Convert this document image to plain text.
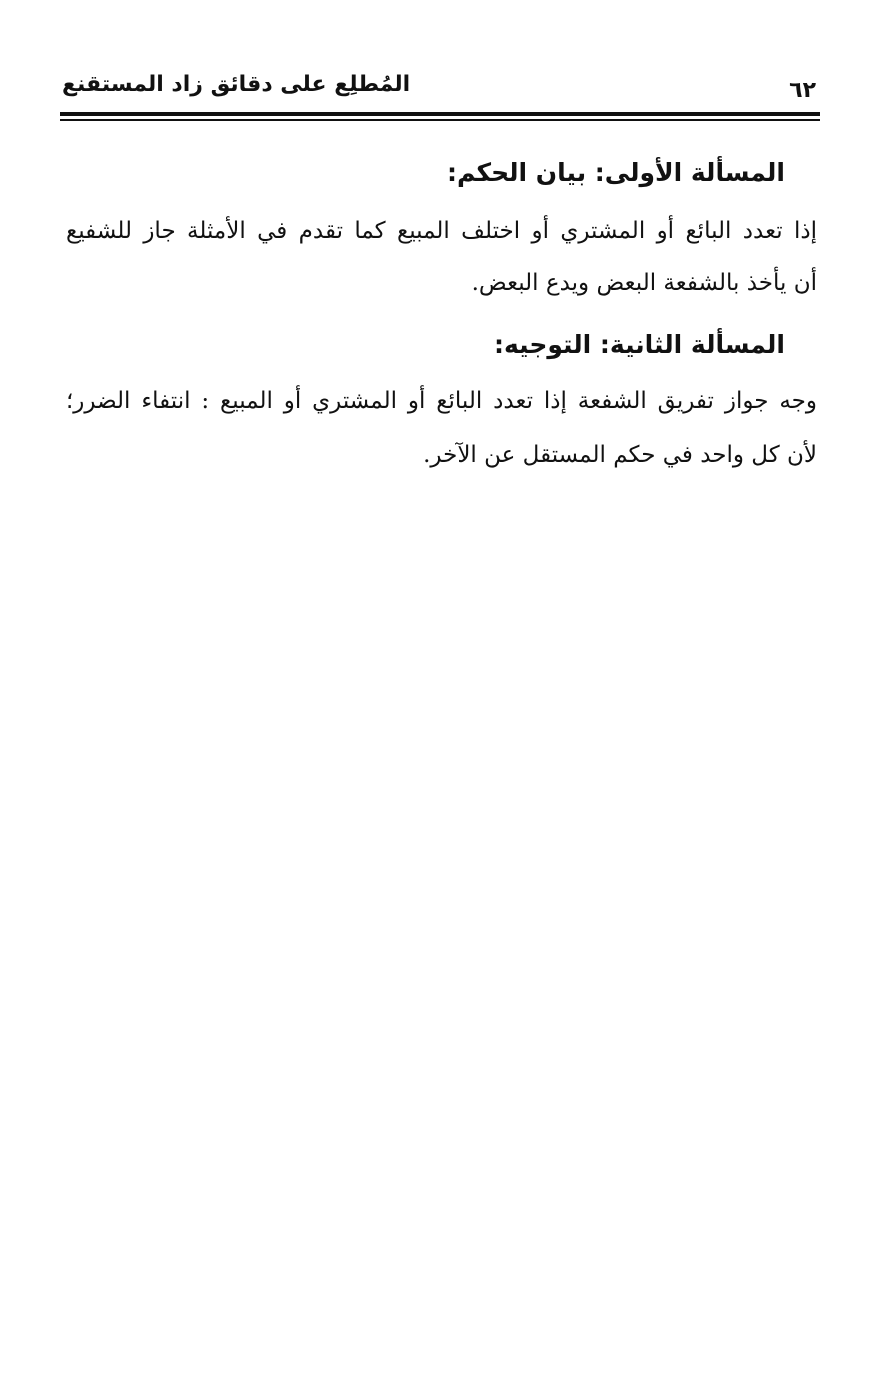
٦٢
المُطلِع على دقائق زاد المستقنع
المسألة الأولى: بيان الحكم:
إذا تعدد البائع أو المشتري أو اختلف المبيع كما تقدم في الأمثلة جاز للشفيع
أن يأخذ بالشفعة البعض ويدع البعض.
المسألة الثانية: التوجيه:
وجه جواز تفريق الشفعة إذا تعدد البائع أو المشتري أو المبيع : انتفاء الضرر؛
لأن كل واحد في حكم المستقل عن الآخر.
